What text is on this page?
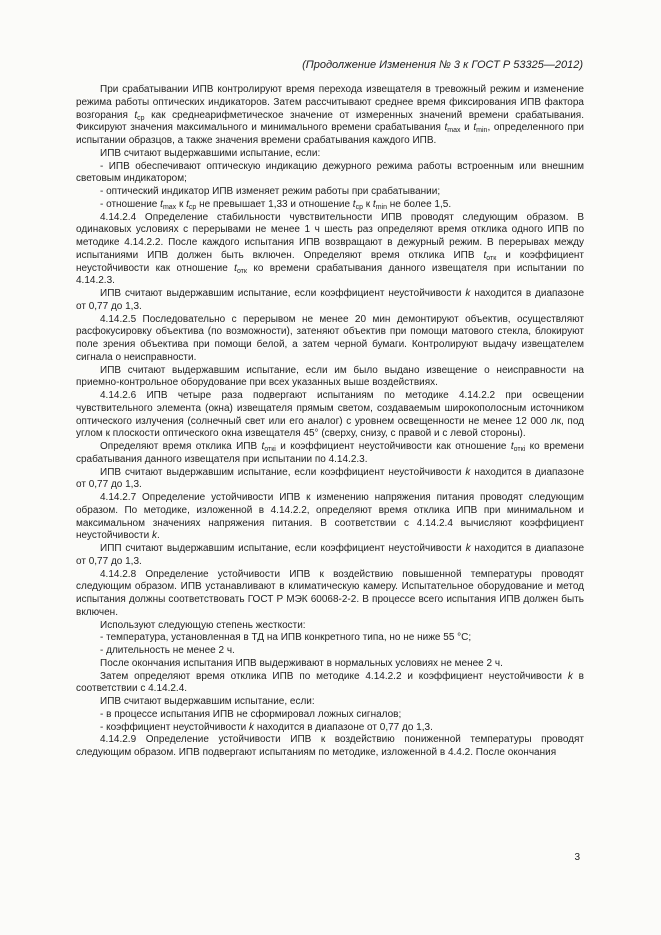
(Продолжение Изменения № 3 к ГОСТ Р 53325—2012)

При срабатывании ИПВ контролируют время перехода извещателя в тревожный режим и изменение режима работы оптических индикаторов. Затем рассчитывают среднее время фиксирования ИПВ фактора возгорания $t_{ср}$ как среднеарифметическое значение от измеренных значений времени срабатывания. Фиксируют значения максимального и минимального времени срабатывания $t_{max}$ и $t_{min}$, определенного при испытании образцов, а также значения времени срабатывания каждого ИПВ.

ИПВ считают выдержавшими испытание, если:

- ИПВ обеспечивают оптическую индикацию дежурного режима работы встроенным или внешним световым индикатором;

- оптический индикатор ИПВ изменяет режим работы при срабатывании;

- отношение $t_{max}$ к $t_{ср}$ не превышает 1,33 и отношение $t_{ср}$ к $t_{min}$ не более 1,5.

4.14.2.4 Определение стабильности чувствительности ИПВ проводят следующим образом. В одинаковых условиях с перерывами не менее 1 ч шесть раз определяют время отклика одного ИПВ по методике 4.14.2.2. После каждого испытания ИПВ возвращают в дежурный режим. В перерывах между испытаниями ИПВ должен быть включен. Определяют время отклика ИПВ $t_{отк}$ и коэффициент неустойчивости как отношение $t_{отк}$ ко времени срабатывания данного извещателя при испытании по 4.14.2.3.

ИПВ считают выдержавшим испытание, если коэффициент неустойчивости k находится в диапазоне от 0,77 до 1,3.

4.14.2.5 Последовательно с перерывом не менее 20 мин демонтируют объектив, осуществляют расфокусировку объектива (по возможности), затеняют объектив при помощи матового стекла, блокируют поле зрения объектива при помощи белой, а затем черной бумаги. Контролируют выдачу извещателем сигнала о неисправности.

ИПВ считают выдержавшим испытание, если им было выдано извещение о неисправности на приемно-контрольное оборудование при всех указанных выше воздействиях.

4.14.2.6 ИПВ четыре раза подвергают испытаниям по методике 4.14.2.2 при освещении чувствительного элемента (окна) извещателя прямым светом, создаваемым широкополосным источником оптического излучения (солнечный свет или его аналог) с уровнем освещенности не менее 12 000 лк, под углом к плоскости оптического окна извещателя 45° (сверху, снизу, с правой и с левой стороны).

Определяют время отклика ИПВ $t_{откi}$ и коэффициент неустойчивости как отношение $t_{откi}$ ко времени срабатывания данного извещателя при испытании по 4.14.2.3.

ИПВ считают выдержавшим испытание, если коэффициент неустойчивости k находится в диапазоне от 0,77 до 1,3.

4.14.2.7 Определение устойчивости ИПВ к изменению напряжения питания проводят следующим образом. По методике, изложенной в 4.14.2.2, определяют время отклика ИПВ при минимальном и максимальном значениях напряжения питания. В соответствии с 4.14.2.4 вычисляют коэффициент неустойчивости k.

ИПП считают выдержавшим испытание, если коэффициент неустойчивости k находится в диапазоне от 0,77 до 1,3.

4.14.2.8 Определение устойчивости ИПВ к воздействию повышенной температуры проводят следующим образом. ИПВ устанавливают в климатическую камеру. Испытательное оборудование и метод испытания должны соответствовать ГОСТ Р МЭК 60068-2-2. В процессе всего испытания ИПВ должен быть включен.

Используют следующую степень жесткости:

- температура, установленная в ТД на ИПВ конкретного типа, но не ниже 55 °С;

- длительность не менее 2 ч.

После окончания испытания ИПВ выдерживают в нормальных условиях не менее 2 ч.

Затем определяют время отклика ИПВ по методике 4.14.2.2 и коэффициент неустойчивости k в соответствии с 4.14.2.4.

ИПВ считают выдержавшим испытание, если:

- в процессе испытания ИПВ не сформировал ложных сигналов;

- коэффициент неустойчивости k находится в диапазоне от 0,77 до 1,3.

4.14.2.9 Определение устойчивости ИПВ к воздействию пониженной температуры проводят следующим образом. ИПВ подвергают испытаниям по методике, изложенной в 4.4.2. После окончания

3
